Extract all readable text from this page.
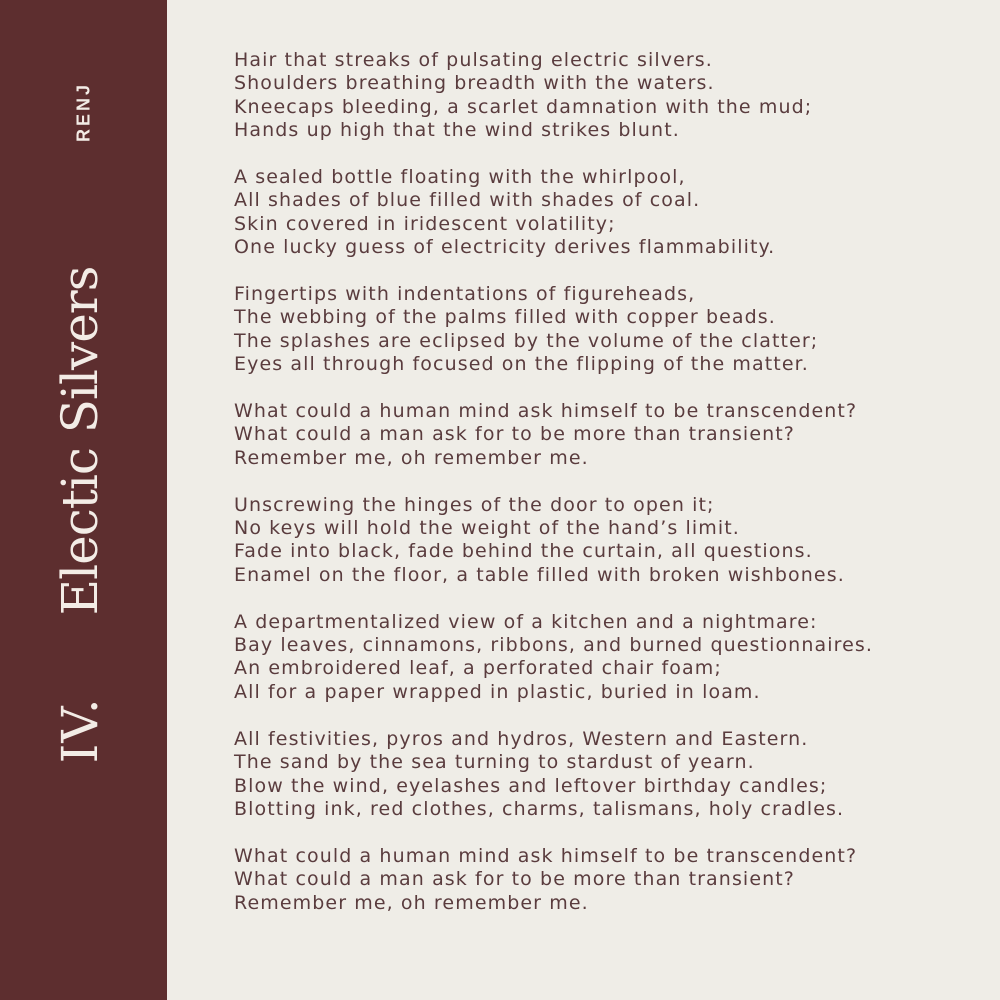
RENJ
IV.
Electic Silvers
Hair that streaks of pulsating electric silvers.
Shoulders breathing breadth with the waters.
Kneecaps bleeding, a scarlet damnation with the mud;
Hands up high that the wind strikes blunt.
A sealed bottle floating with the whirlpool,
All shades of blue filled with shades of coal.
Skin covered in iridescent volatility;
One lucky guess of electricity derives flammability.
Fingertips with indentations of figureheads,
The webbing of the palms filled with copper beads.
The splashes are eclipsed by the volume of the clatter;
Eyes all through focused on the flipping of the matter.
What could a human mind ask himself to be transcendent?
What could a man ask for to be more than transient?
Remember me, oh remember me.
Unscrewing the hinges of the door to open it;
No keys will hold the weight of the hand’s limit.
Fade into black, fade behind the curtain, all questions.
Enamel on the floor, a table filled with broken wishbones.
A departmentalized view of a kitchen and a nightmare:
Bay leaves, cinnamons, ribbons, and burned questionnaires.
An embroidered leaf, a perforated chair foam;
All for a paper wrapped in plastic, buried in loam.
All festivities, pyros and hydros, Western and Eastern.
The sand by the sea turning to stardust of yearn.
Blow the wind, eyelashes and leftover birthday candles;
Blotting ink, red clothes, charms, talismans, holy cradles.
What could a human mind ask himself to be transcendent?
What could a man ask for to be more than transient?
Remember me, oh remember me.
